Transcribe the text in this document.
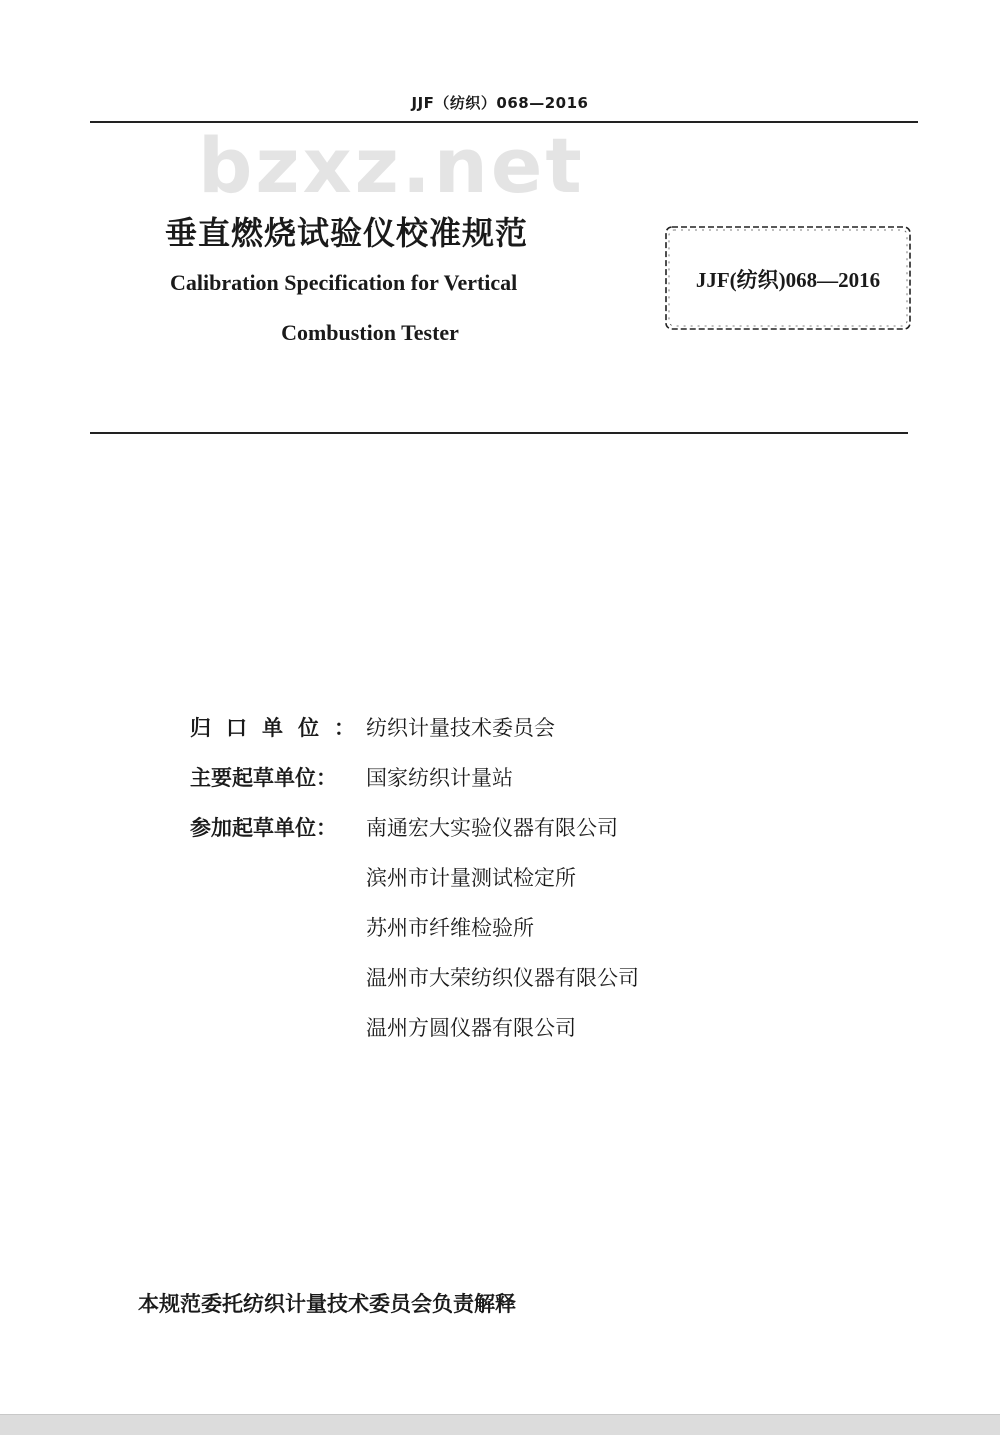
JJF（纺织）068—2016
bzxz.net
垂直燃烧试验仪校准规范
Calibration Specification for Vertical
Combustion Tester
JJF(纺织)068—2016
归口单位：
纺织计量技术委员会
主要起草单位：	国家纺织计量站
参加起草单位：	南通宏大实验仪器有限公司
滨州市计量测试检定所
苏州市纤维检验所
温州市大荣纺织仪器有限公司
温州方圆仪器有限公司
本规范委托纺织计量技术委员会负责解释
